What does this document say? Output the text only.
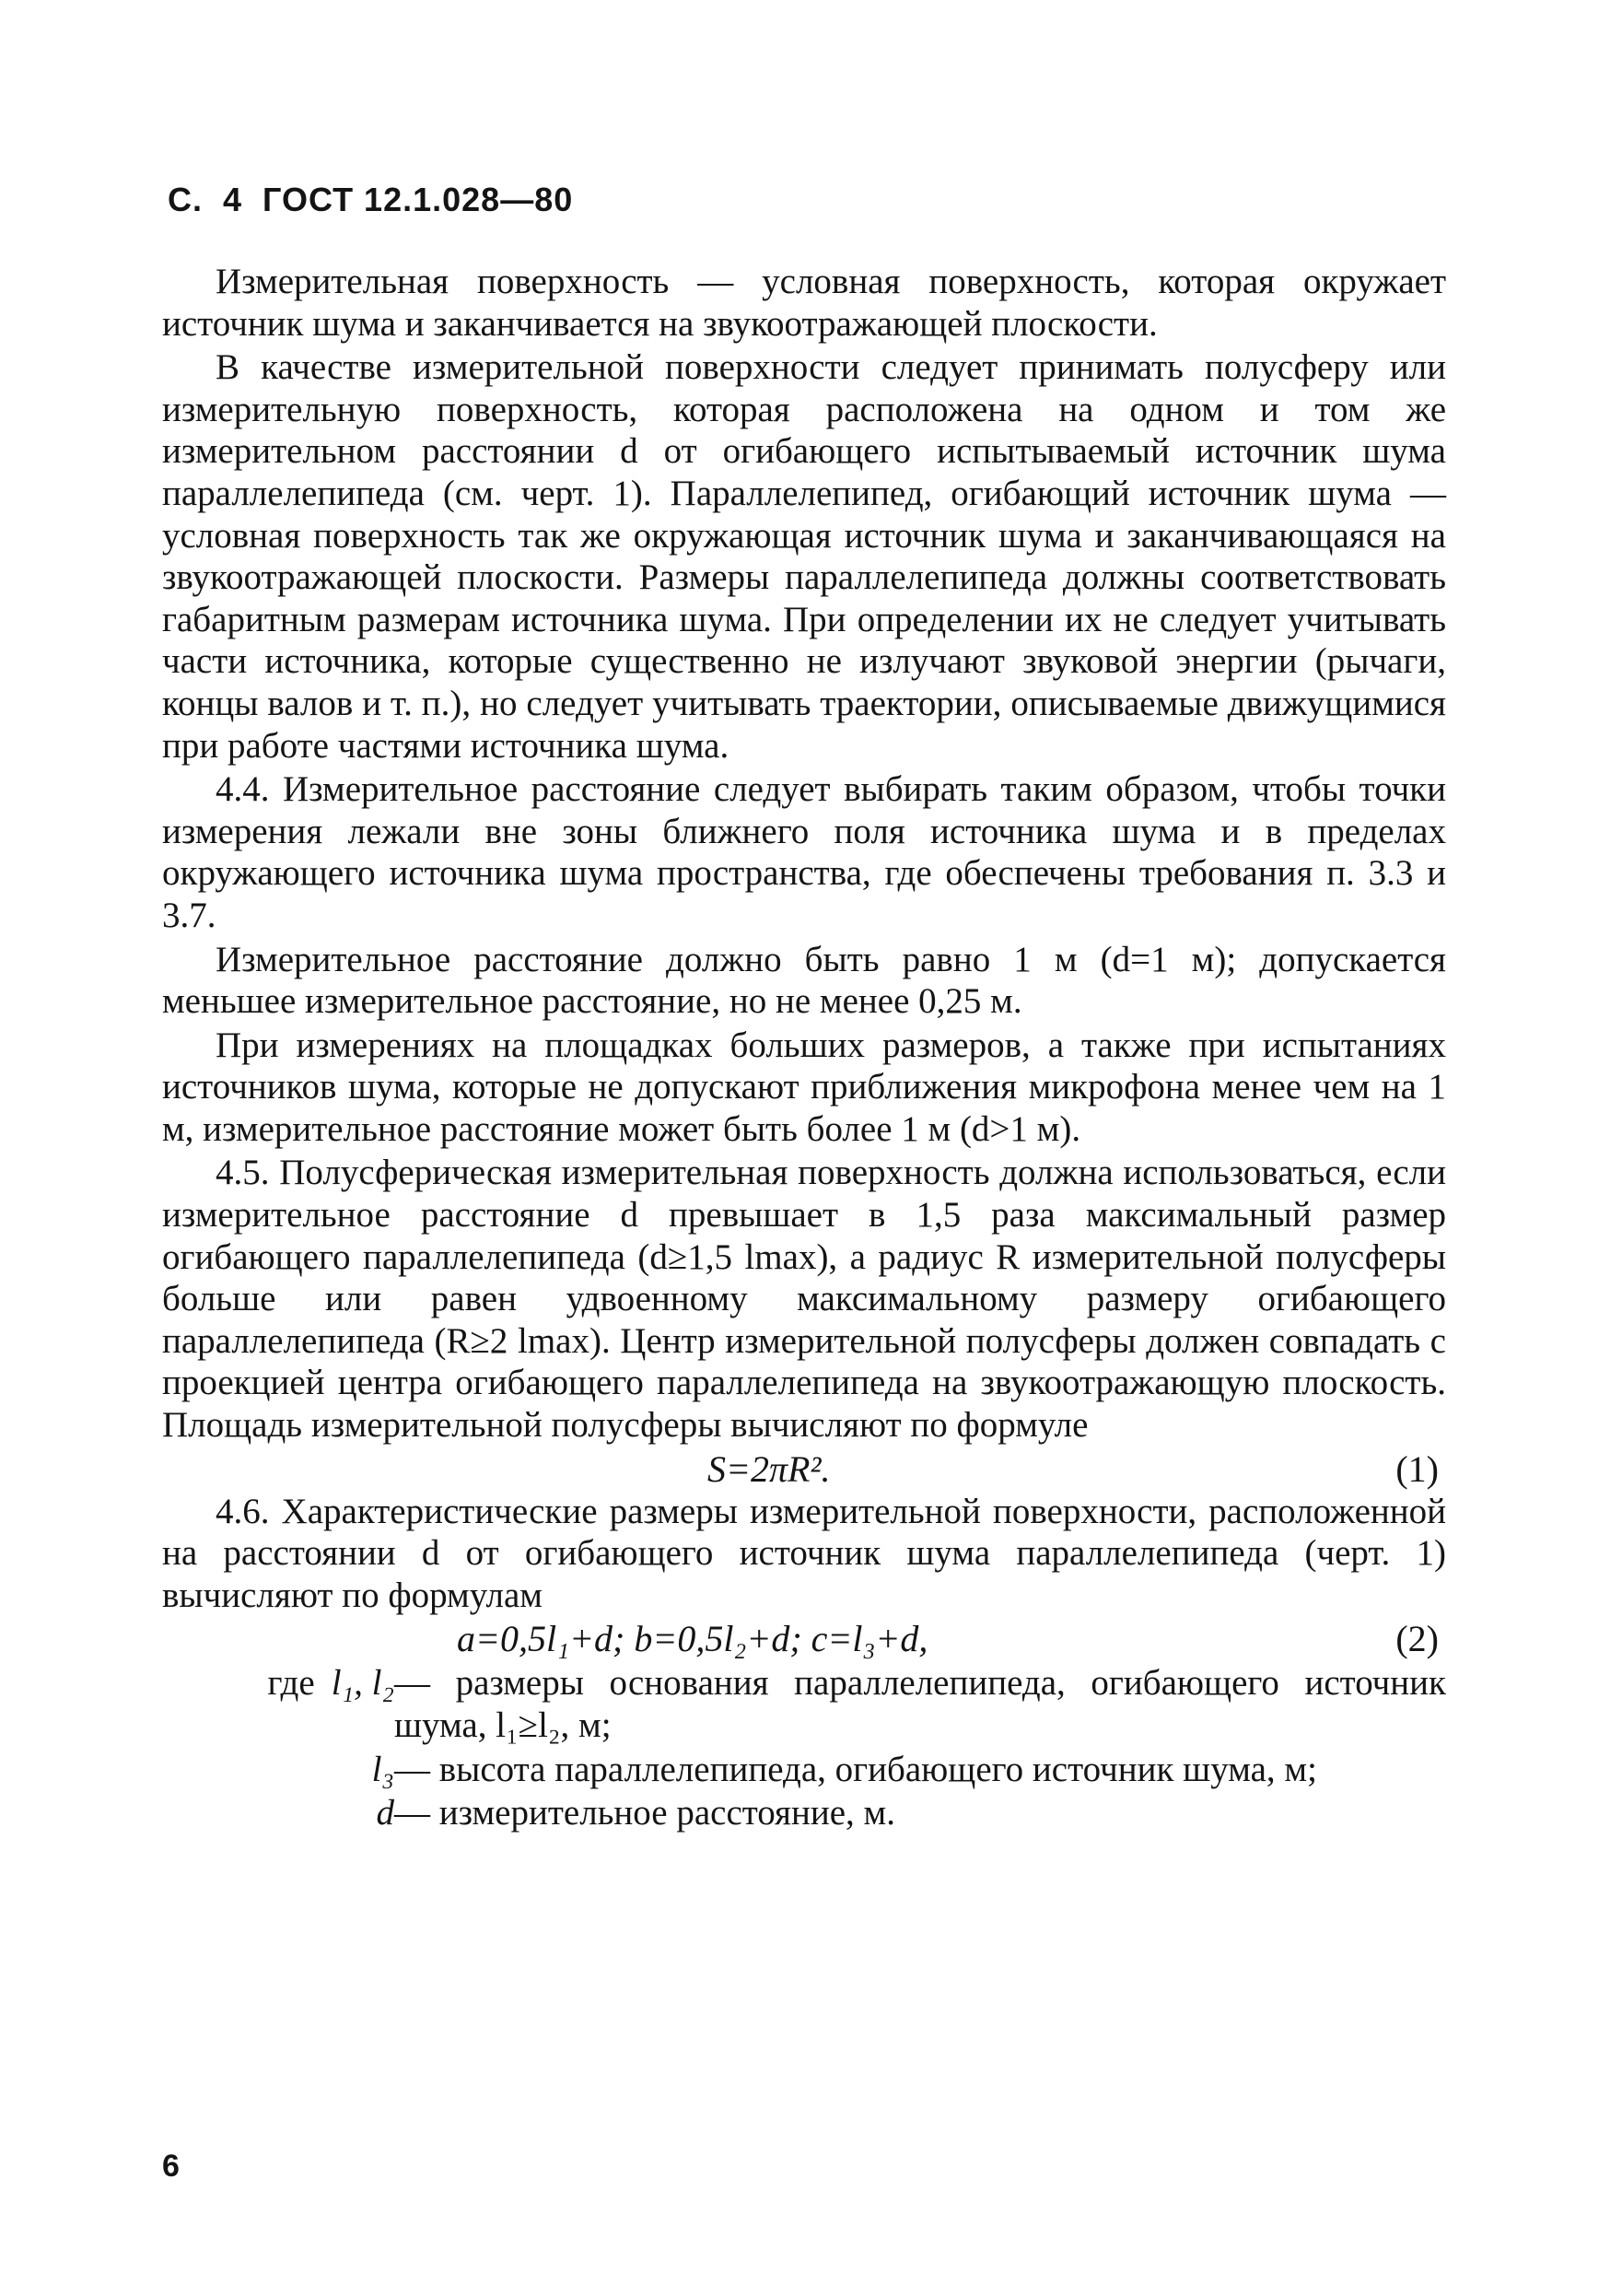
С. 4 ГОСТ 12.1.028—80

Измерительная поверхность — условная поверхность, которая окружает источник шума и заканчивается на звукоотражающей плоскости.

В качестве измерительной поверхности следует принимать полусферу или измерительную поверхность, которая расположена на одном и том же измерительном расстоянии d от огибающего испытываемый источник шума параллелепипеда (см. черт. 1). Параллелепипед, огибающий источник шума — условная поверхность так же окружающая источник шума и заканчивающаяся на звукоотражающей плоскости. Размеры параллелепипеда должны соответствовать габаритным размерам источника шума. При определении их не следует учитывать части источника, которые существенно не излучают звуковой энергии (рычаги, концы валов и т. п.), но следует учитывать траектории, описываемые движущимися при работе частями источника шума.

4.4. Измерительное расстояние следует выбирать таким образом, чтобы точки измерения лежали вне зоны ближнего поля источника шума и в пределах окружающего источника шума пространства, где обеспечены требования п. 3.3 и 3.7.

Измерительное расстояние должно быть равно 1 м (d=1 м); допускается меньшее измерительное расстояние, но не менее 0,25 м.

При измерениях на площадках больших размеров, а также при испытаниях источников шума, которые не допускают приближения микрофона менее чем на 1 м, измерительное расстояние может быть более 1 м (d>1 м).

4.5. Полусферическая измерительная поверхность должна использоваться, если измерительное расстояние d превышает в 1,5 раза максимальный размер огибающего параллелепипеда (d≥1,5 lmax), а радиус R измерительной полусферы больше или равен удвоенному максимальному размеру огибающего параллелепипеда (R≥2 lmax). Центр измерительной полусферы должен совпадать с проекцией центра огибающего параллелепипеда на звукоотражающую плоскость. Площадь измерительной полусферы вычисляют по формуле

S=2πR².	(1)

4.6. Характеристические размеры измерительной поверхности, расположенной на расстоянии d от огибающего источник шума параллелепипеда (черт. 1) вычисляют по формулам

a=0,5l₁+d; b=0,5l₂+d; c=l₃+d,	(2)
где l₁, l₂ — размеры основания параллелепипеда, огибающего источник шума, l₁≥l₂, м;
l₃ — высота параллелепипеда, огибающего источник шума, м;
d — измерительное расстояние, м.
6
